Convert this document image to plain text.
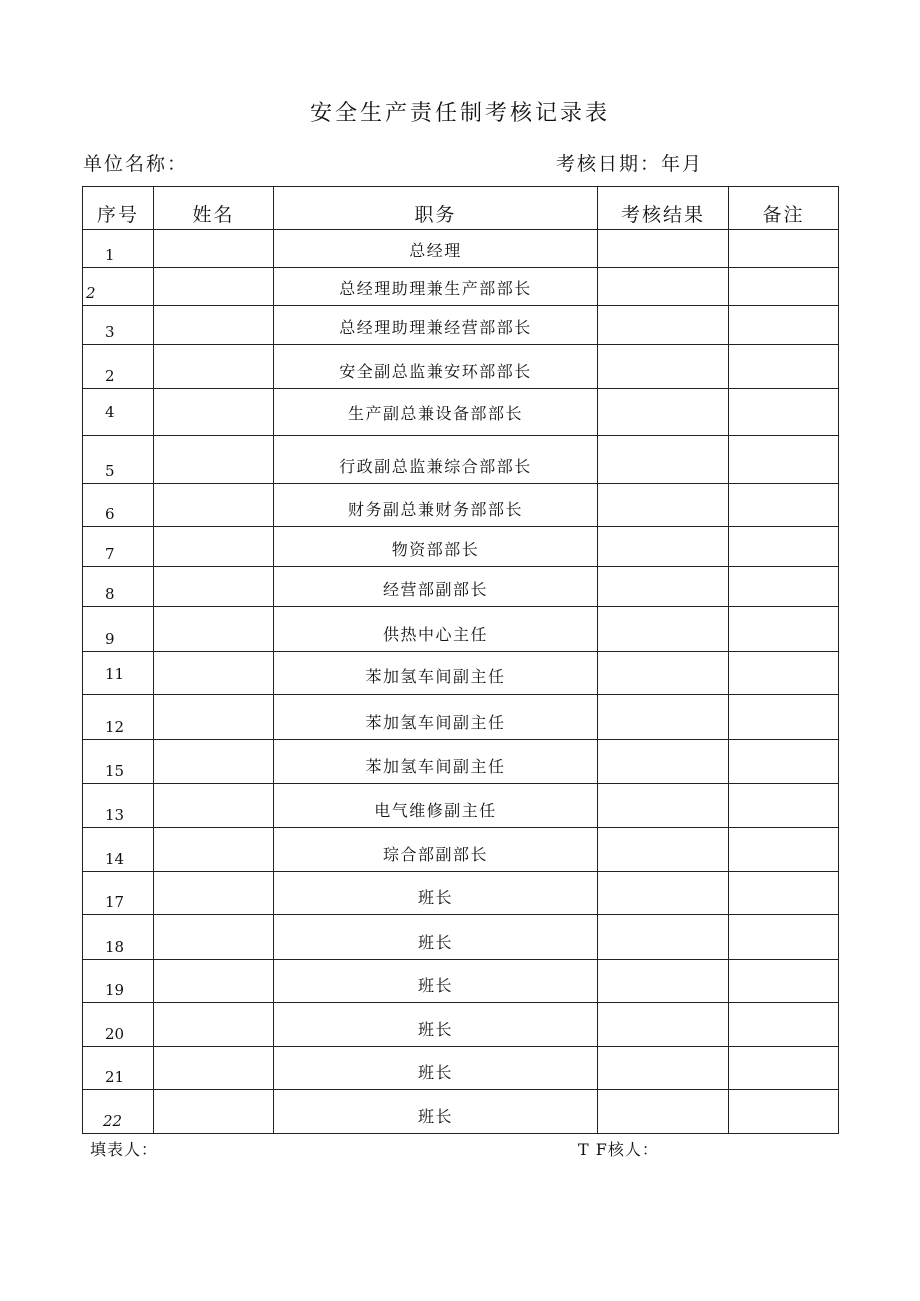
安全生产责任制考核记录表
单位名称：	考核日期：年月
序号	姓名	职务	考核结果	备注
1		总经理		
2		总经理助理兼生产部部长		
3		总经理助理兼经营部部长		
2		安全副总监兼安环部部长		
4		生产副总兼设备部部长		
5		行政副总监兼综合部部长		
6		财务副总兼财务部部长		
7		物资部部长		
8		经营部副部长		
9		供热中心主任		
11		苯加氢车间副主任		
12		苯加氢车间副主任		
15		苯加氢车间副主任		
13		电气维修副主任		
14		琮合部副部长		
17		班长		
18		班长		
19		班长		
20		班长		
21		班长		
22		班长		
填表人：	T F核人：
